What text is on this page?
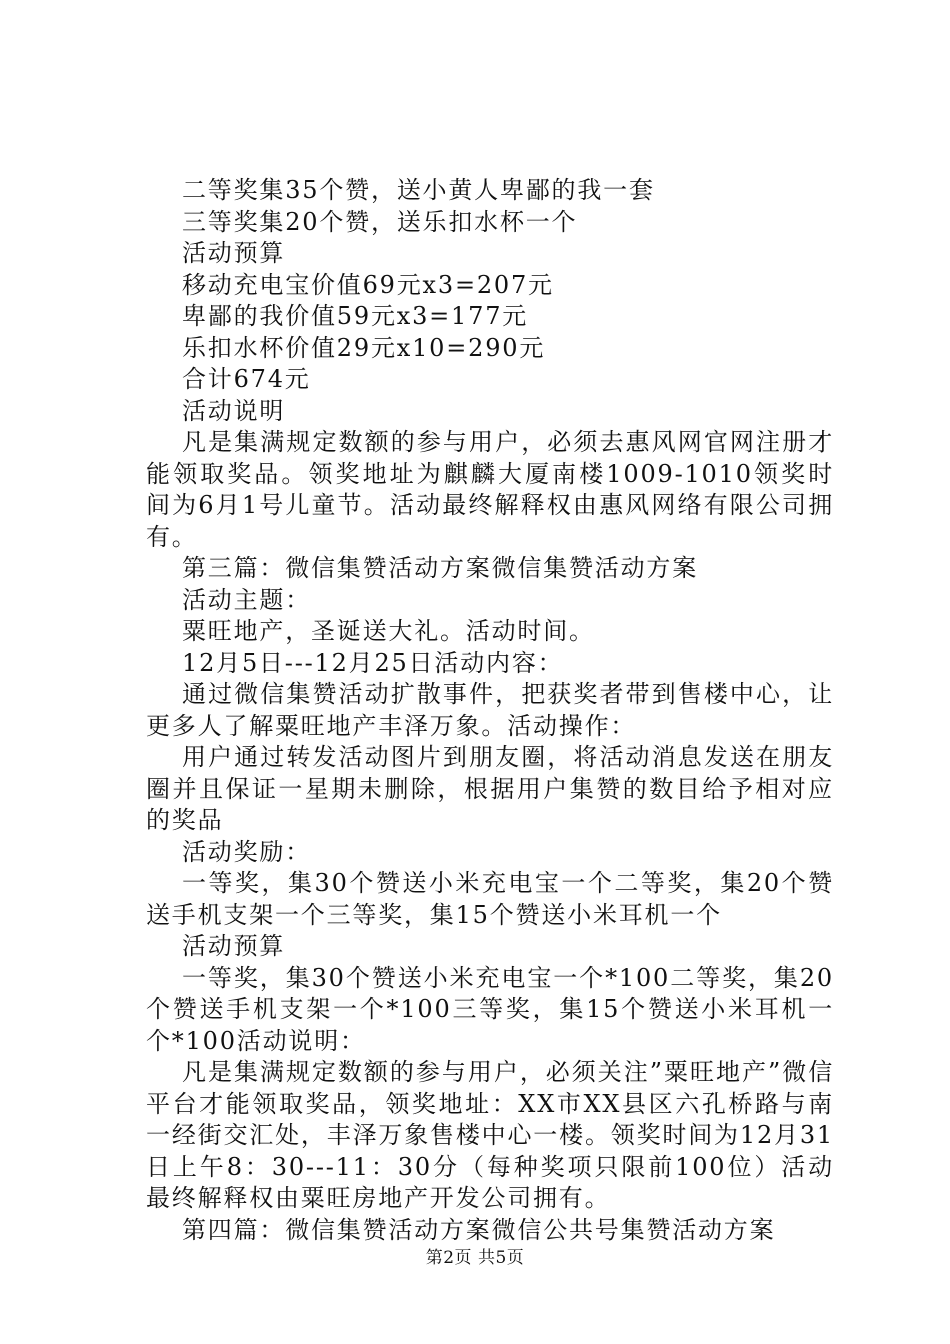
二等奖集35个赞，送小黄人卑鄙的我一套

三等奖集20个赞，送乐扣水杯一个

活动预算

移动充电宝价值69元x3=207元

卑鄙的我价值59元x3=177元

乐扣水杯价值29元x10=290元

合计674元

活动说明

凡是集满规定数额的参与用户，必须去惠风网官网注册才能领取奖品。领奖地址为麒麟大厦南楼1009-1010领奖时间为6月1号儿童节。活动最终解释权由惠风网络有限公司拥有。

第三篇：微信集赞活动方案微信集赞活动方案

活动主题：

粟旺地产，圣诞送大礼。活动时间。

12月5日---12月25日活动内容：

通过微信集赞活动扩散事件，把获奖者带到售楼中心，让更多人了解粟旺地产丰泽万象。活动操作：

用户通过转发活动图片到朋友圈，将活动消息发送在朋友圈并且保证一星期未删除，根据用户集赞的数目给予相对应的奖品

活动奖励：

一等奖，集30个赞送小米充电宝一个二等奖，集20个赞送手机支架一个三等奖，集15个赞送小米耳机一个

活动预算

一等奖，集30个赞送小米充电宝一个*100二等奖，集20个赞送手机支架一个*100三等奖，集15个赞送小米耳机一个*100活动说明：

凡是集满规定数额的参与用户，必须关注”粟旺地产”微信平台才能领取奖品，领奖地址：XX市XX县区六孔桥路与南一经街交汇处，丰泽万象售楼中心一楼。领奖时间为12月31日上午8：30---11：30分（每种奖项只限前100位）活动最终解释权由粟旺房地产开发公司拥有。

第四篇：微信集赞活动方案微信公共号集赞活动方案

第2页 共5页
